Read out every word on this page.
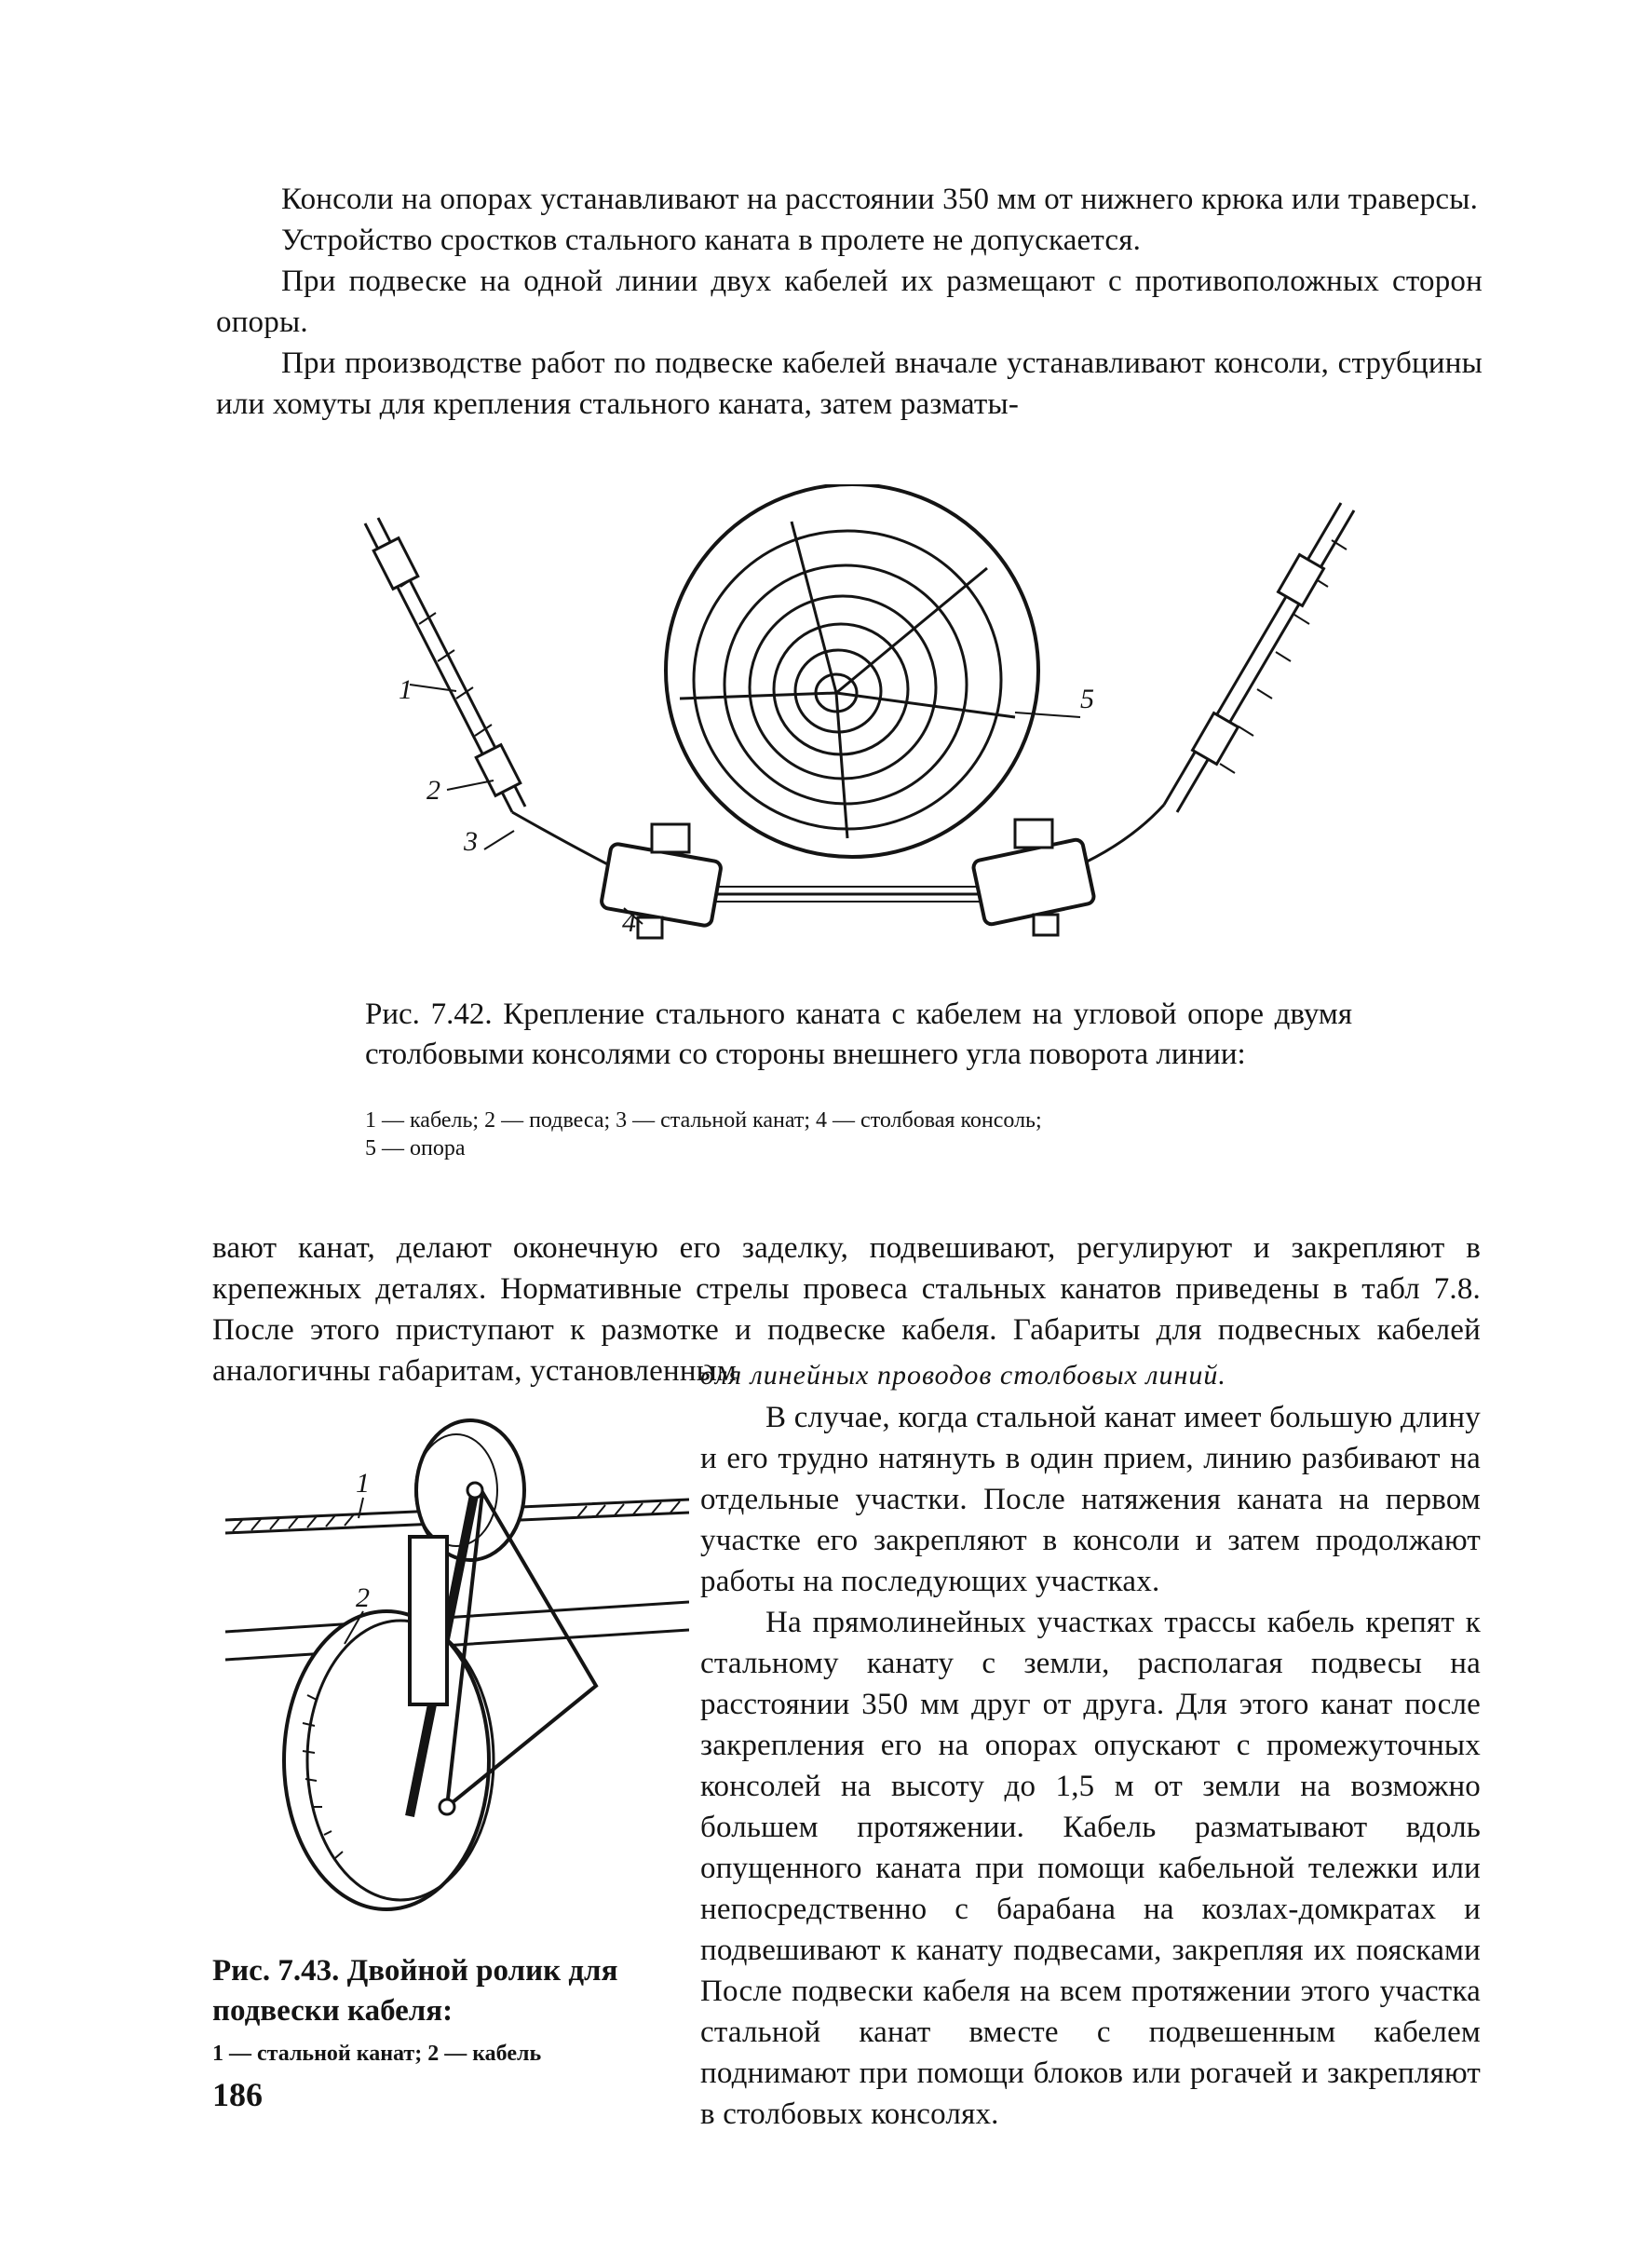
Консоли на опорах устанавливают на расстоянии 350 мм от нижнего крюка или траверсы.

Устройство сростков стального каната в пролете не допускается.

При подвеске на одной линии двух кабелей их размещают с противоположных сторон опоры.

При производстве работ по подвеске кабелей вначале устанавливают консоли, струбцины или хомуты для крепления стального каната, затем разматы-

1
2
3
4
5
Рис. 7.42. Крепление стального каната с кабелем на угловой опоре двумя столбовыми консолями со стороны внешнего угла поворота линии:
1 — кабель; 2 — подвеса; 3 — стальной канат; 4 — столбовая консоль;
5 — опора
вают канат, делают оконечную его заделку, подвешивают, регулируют и закрепляют в крепежных деталях. Нормативные стрелы провеса стальных канатов приведены в табл 7.8. После этого приступают к размотке и подвеске кабеля. Габариты для подвесных кабелей аналогичны габаритам, установленным
для линейных проводов столбовых линий.

В случае, когда стальной канат имеет большую длину и его трудно натянуть в один прием, линию разбивают на отдельные участки. После натяжения каната на первом участке его закрепляют в консоли и затем продолжают работы на последующих участках.

На прямолинейных участках трассы кабель крепят к стальному канату с земли, располагая подвесы на расстоянии 350 мм друг от друга. Для этого канат после закрепления его на опорах опускают с промежуточных консолей на высоту до 1,5 м от земли на возможно большем протяжении. Кабель разматывают вдоль опущенного каната при помощи кабельной тележки или непосредственно с барабана на козлах-домкратах и подвешивают к канату подвесами, закрепляя их поясками После подвески кабеля на всем протяжении этого участка стальной канат вместе с подвешенным кабелем поднимают при помощи блоков или рогачей и закрепляют в столбовых консолях.

1
2
Рис. 7.43. Двойной ролик для подвески кабеля:
1 — стальной канат; 2 — кабель
186
